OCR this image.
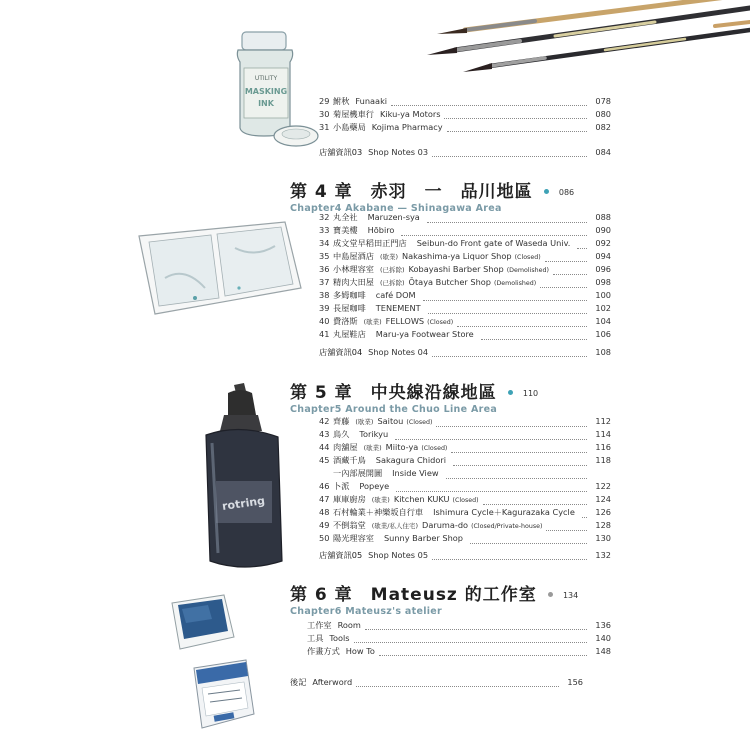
UTILITY
MASKING
INK
rotring
29 鮒秋 Funaaki	078
30 菊屋機車行 Kiku-ya Motors	080
31 小島藥局 Kojima Pharmacy	082
店舖資訊03 Shop Notes 03	084
第 4 章　赤羽　一　品川地區	086
Chapter4 Akabane — Shinagawa Area
32 丸全社 Maruzen-sya	088
33 寶美樓 Hōbiro	090
34 成文堂早稻田正門店 Seibun-do Front gate of Waseda Univ.	092
35 中島屋酒店 (歇業) Nakashima-ya Liquor Shop (Closed)	094
36 小林理容室 (已拆除) Kobayashi Barber Shop (Demolished)	096
37 精肉大田屋 (已拆除) Ōtaya Butcher Shop (Demolished)	098
38 多姆咖啡 café DOM	100
39 長屋咖啡 TENEMENT	102
40 費洛斯 (歇業) FELLOWS (Closed)	104
41 丸屋鞋店 Maru-ya Footwear Store	106
店舖資訊04 Shop Notes 04	108
第 5 章　中央線沿線地區	110
Chapter5 Around the Chuo Line Area
42 齊藤 (歇業) Saitou (Closed)	112
43 鳥久 Torikyu	114
44 肉舖屋 (歇業) Miito-ya (Closed)	116
45 酒藏千鳥 Sakagura Chidori	118
一內部展開圖 Inside View
46 卜派 Popeye	122
47 庫庫廚房 (歇業) Kitchen KUKU (Closed)	124
48 石村輪業＋神樂坂自行車 Ishimura Cycle＋Kagurazaka Cycle	126
49 不倒翁堂 (歇業/私人住宅) Daruma-do (Closed/Private-house)	128
50 陽光理容室 Sunny Barber Shop	130
店舖資訊05 Shop Notes 05	132
第 6 章　Mateusz 的工作室	134
Chapter6 Mateusz's atelier
工作室 Room	136
工具 Tools	140
作畫方式 How To	148
後記 Afterword	156
